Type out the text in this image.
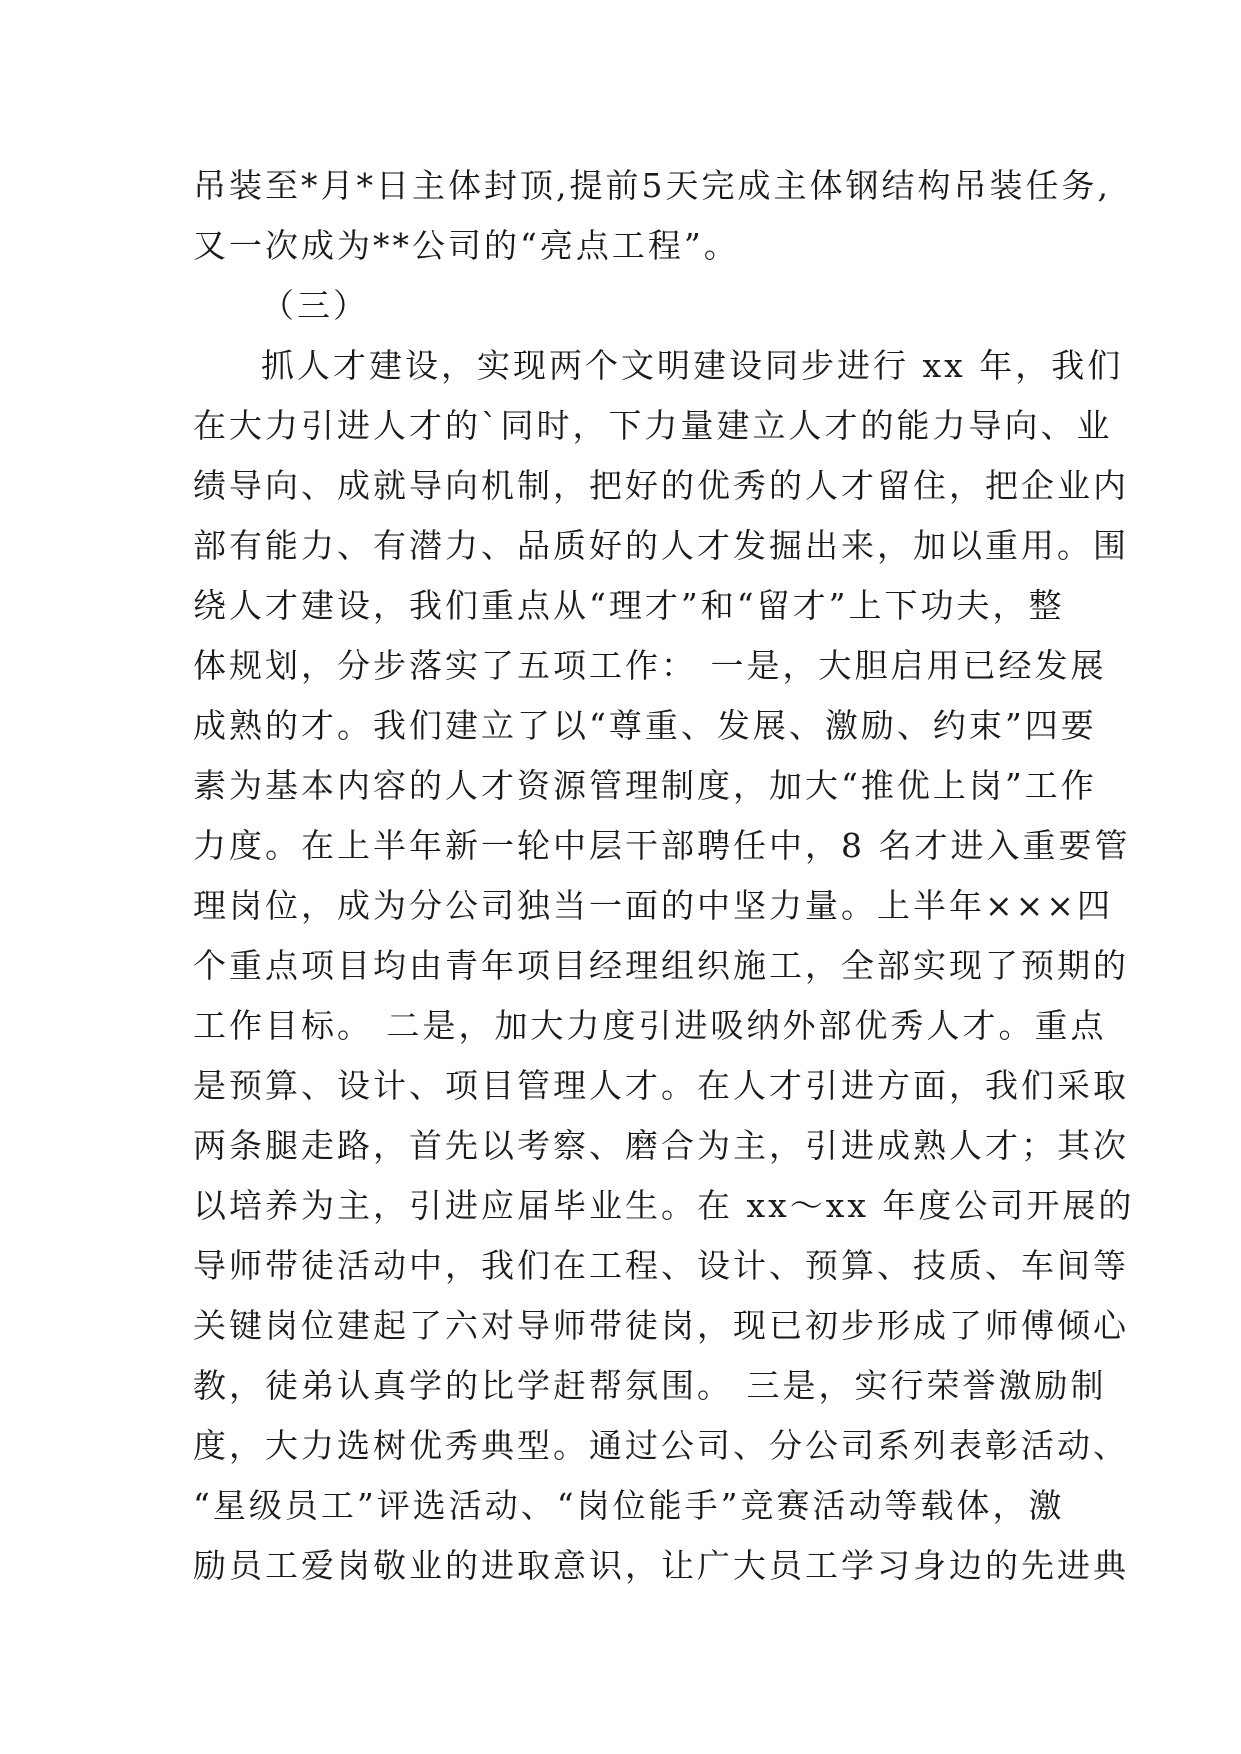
吊装至*月*日主体封顶,提前5天完成主体钢结构吊装任务,
又一次成为**公司的“亮点工程”。
（三）
抓人才建设，实现两个文明建设同步进行 xx 年，我们
在大力引进人才的`同时，下力量建立人才的能力导向、业
绩导向、成就导向机制，把好的优秀的人才留住，把企业内
部有能力、有潜力、品质好的人才发掘出来，加以重用。围
绕人才建设，我们重点从“理才”和“留才”上下功夫，整
体规划，分步落实了五项工作： 一是，大胆启用已经发展
成熟的才。我们建立了以“尊重、发展、激励、约束”四要
素为基本内容的人才资源管理制度，加大“推优上岗”工作
力度。在上半年新一轮中层干部聘任中，8 名才进入重要管
理岗位，成为分公司独当一面的中坚力量。上半年×××四
个重点项目均由青年项目经理组织施工，全部实现了预期的
工作目标。 二是，加大力度引进吸纳外部优秀人才。重点
是预算、设计、项目管理人才。在人才引进方面，我们采取
两条腿走路，首先以考察、磨合为主，引进成熟人才；其次
以培养为主，引进应届毕业生。在 xx～xx 年度公司开展的
导师带徒活动中，我们在工程、设计、预算、技质、车间等
关键岗位建起了六对导师带徒岗，现已初步形成了师傅倾心
教，徒弟认真学的比学赶帮氛围。 三是，实行荣誉激励制
度，大力选树优秀典型。通过公司、分公司系列表彰活动、
“星级员工”评选活动、“岗位能手”竞赛活动等载体，激
励员工爱岗敬业的进取意识，让广大员工学习身边的先进典
